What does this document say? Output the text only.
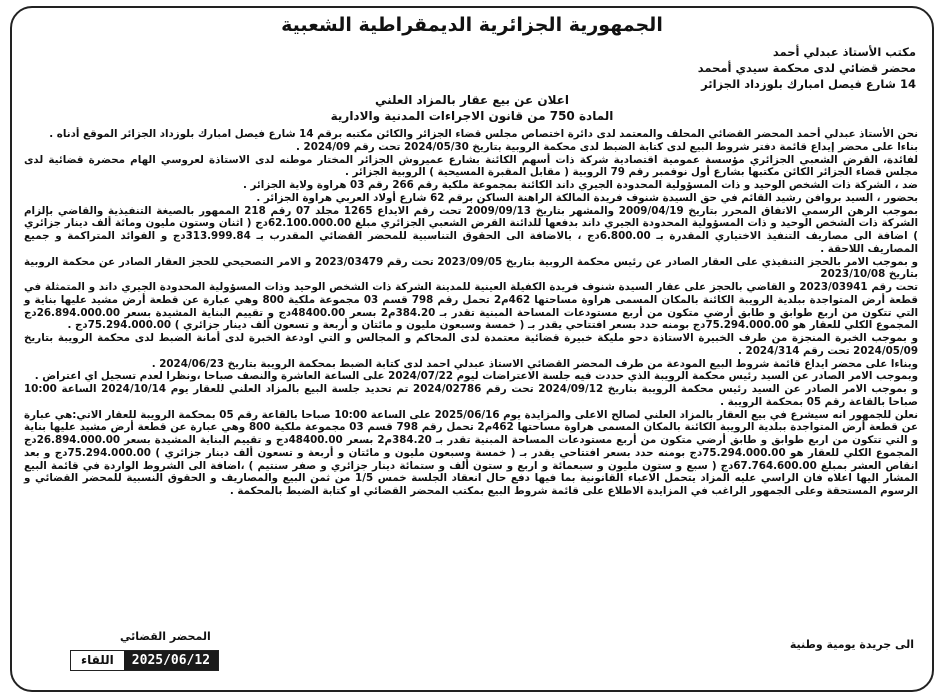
الجمهورية الجزائرية الديمقراطية الشعبية
مكتب الأستاذ عبدلي أحمد
محضر قضائي لدى محكمة سيدي أمحمد
14 شارع فيصل امبارك بلوزداد الجزائر
اعلان عن بيع عقار بالمزاد العلني
المادة 750 من قانون الاجراءات المدنية والادارية

نحن الأستاذ عبدلي أحمد المحضر القضائي المحلف والمعتمد لدى دائرة اختصاص مجلس قضاء الجزائر والكائن مكتبه برقم 14 شارع فيصل امبارك بلوزداد الجزائر الموقع أدناه .

بناءا على محضر إيداع قائمة دفتر شروط البيع لدى كتابة الضبط لدى محكمة الروبية بتاريخ 2024/05/30 تحت رقم 2024/09 .

لفائدة، القرض الشعبي الجزائري مؤسسة عمومية اقتصادية شركة ذات أسهم الكائنة بشارع عميروش الجزائر المختار موطنه لدى الاستاذة لعروسي الهام محضرة قضائية لدى مجلس قضاء الجزائر الكائن مكتبها بشارع أول نوفمبر رقم 79 الروبية ( مقابل المقبرة المسيحية ) الروبية الجزائر .

ضد ، الشركة ذات الشخص الوحيد و ذات المسؤولية المحدودة الجيري داند الكائنة بمجموعة ملكية رقم 266 رقم 03 هراوة ولاية الجزائر .

بحضور ، السيد بروافن رشيد القائم في حق السيدة شنوف فريدة المالكة الراهنة الساكن برقم 62 شارع أولاد العربي هراوة الجزائر .

بموجب الرهن الرسمي الاتفاق المحرر بتاريخ 2009/04/19 والمشهر بتاريخ 2009/09/13 تحت رقم الايداع 1265 مجلد 07 رقم 218 الممهور بالصيغة التنفيذية والقاضي بإلزام الشركة ذات الشخص الوحيد و ذات المسؤولية المحدودة الجيري داند بدفعها للدائنة القرض الشعبي الجزائري مبلغ 62.100.000.00دج ( اثنان وستون مليون ومائة ألف دينار جزائري ) اضافة الى مصاريف التنفيذ الاختياري المقدرة بـ 6.800.00دج ، بالاضافة الى الحقوق التناسبية للمحضر القضائي المقدرب بـ 313.999.84دج و الفوائد المتراكمة و جميع المصاريف اللاحقة .

و بموجب الامر بالحجز التنفيذي على العقار الصادر عن رئيس محكمة الروبية بتاريخ 2023/09/05 تحت رقم 2023/03479 و الامر التصحيحي للحجز العقار الصادر عن محكمة الروبية بتاريخ 2023/10/08

تحت رقم 2023/03941 و القاضي بالحجز على عقار السيدة شنوف فريدة الكفيلة العينية للمدينة الشركة ذات الشخص الوحيد وذات المسؤولية المحدودة الجيري داند و المتمثلة في قطعة أرض المتواجدة ببلدية الرويبة الكائنة بالمكان المسمى هراوة مساحتها 462م2 تحمل رقم 798 قسم 03 مجموعة ملكية 800 وهي عبارة عن قطعة أرض مشيد عليها بناية و التي تتكون من اربع طوابق و طابق أرضي متكون من أربع مستودعات المساحة المبنية تقدر بـ 384.20م2 بسعر 48400.00دج و تقييم البناية المشيدة بسعر 26.894.000.00دج المجموع الكلي للعقار هو 75.294.000.00دج بومنه حدد بسعر افتتاحي يقدر بـ ( خمسة وسبعون مليون و مائتان و أربعة و تسعون ألف دينار جزائري ) 75.294.000.00دج .

و بموجب الخبرة المنجزة من طرف الخبيرة الاستاذة دحو مليكة خبيرة قضائية معتمدة لدى المحاكم و المجالس و التي اودعة الخبرة لدى أمانة الضبط لدى محكمة الرويبة بتاريخ 2024/05/09 تحت رقم 2024/314 .

وبناءا على محضر ايداع قائمة شروط البيع المودعة من طرف المحضر القضائي الاستاذ عبدلي احمد لدى كتابة الضبط بمحكمة الرويبة بتاريخ 2024/06/23 .

وبموجب الامر الصادر عن السيد رئيس محكمة الرويبة الذي حددت فيه جلسة الاعتراضات ليوم 2024/07/22 على الساعة العاشرة والنصف صباحا ،ونظرا لعدم تسجيل اي اعتراض .

و بموجب الامر الصادر عن السيد رئيس محكمة الرويبة بتاريخ 2024/09/12 تحت رقم 2024/02786 تم تحديد جلسة البيع بالمزاد العلني للعقار يوم 2024/10/14 الساعة 10:00 صباحا بالقاعة رقم 05 بمحكمة الرويبة .

نعلن للجمهور انه سيشرع في بيع العقار بالمزاد العلني لصالح الاعلى والمزايدة يوم 2025/06/16 على الساعة 10:00 صباحا بالقاعة رقم 05 بمحكمة الرويبة للعقار الاتي:هي عبارة عن قطعة أرض المتواجدة ببلدية الرويبة الكائنة بالمكان المسمى هراوة مساحتها 462م2 تحمل رقم 798 قسم 03 مجموعة ملكية 800 وهي عبارة عن قطعة أرض مشيد عليها بناية و التي تتكون من اربع طوابق و طابق أرضي متكون من أربع مستودعات المساحة المبنية تقدر بـ 384.20م2 بسعر 48400.00دج و تقييم البناية المشيدة بسعر 26.894.000.00دج المجموع الكلي للعقار هو 75.294.000.00دج بومنه حدد بسعر افتتاحي يقدر بـ ( خمسة وسبعون مليون و مائتان و أربعة و تسعون ألف دينار جزائري ) 75.294.000.00دج و بعد انقاص العشر بمبلغ 67.764.600.00دج ( سبع و ستون مليون و سبعمائة و اربع و ستون ألف و ستمائة دينار جزائري و صفر سنتيم ) ،اضافة الى الشروط الواردة في قائمة البيع المشار اليها اعلاه فان الراسي عليه المزاد يتحمل الاعباء القانونية بما فيها دفع حال انعقاد الجلسة خمس 1/5 من ثمن البيع والمصاريف و الحقوق النسبية للمحضر القضائي و الرسوم المستحقة وعلى الجمهور الراغب في المزايدة الاطلاع على قائمة شروط البيع بمكتب المحضر القضائي او كتابة الضبط بالمحكمة .

الى جريدة يومية وطنية
المحضر القضائي
اللقاء	2025/06/12
